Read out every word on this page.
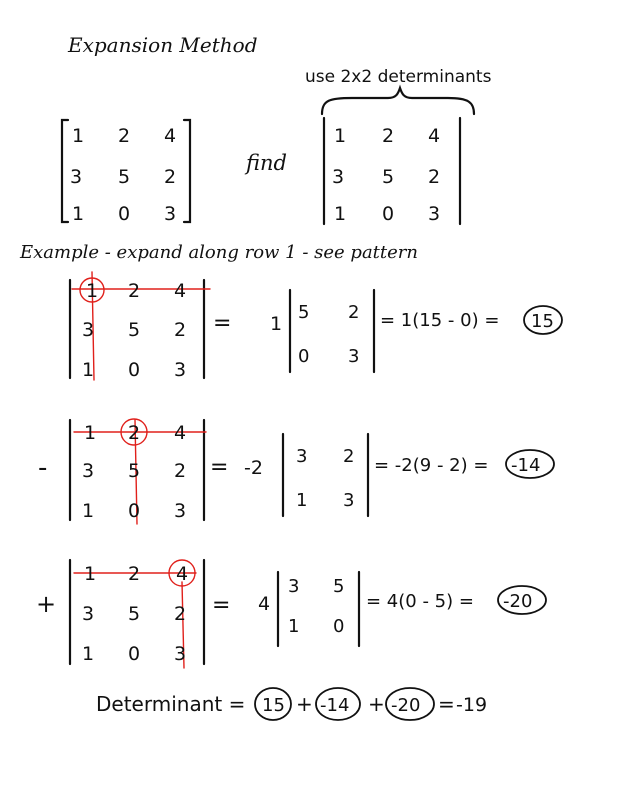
Expansion Method
use 2x2 determinants
1 2 4
3 5 2
1 0 3
find
1 2 4
3 5 2
1 0 3
Example - expand along row 1 - see pattern
1 2 4
3 5 2
1 0 3
= 1
5 2
0 3
= 1(15 - 0) = 15
-
1 2 4
3 5 2
1 0 3
= -2
3 2
1 3
= -2(9 - 2) = -14
+
1 2 4
3 5 2
1 0 3
= 4
3 5
1 0
= 4(0 - 5) = -20
Determinant = 15 + -14 + -20 = -19
